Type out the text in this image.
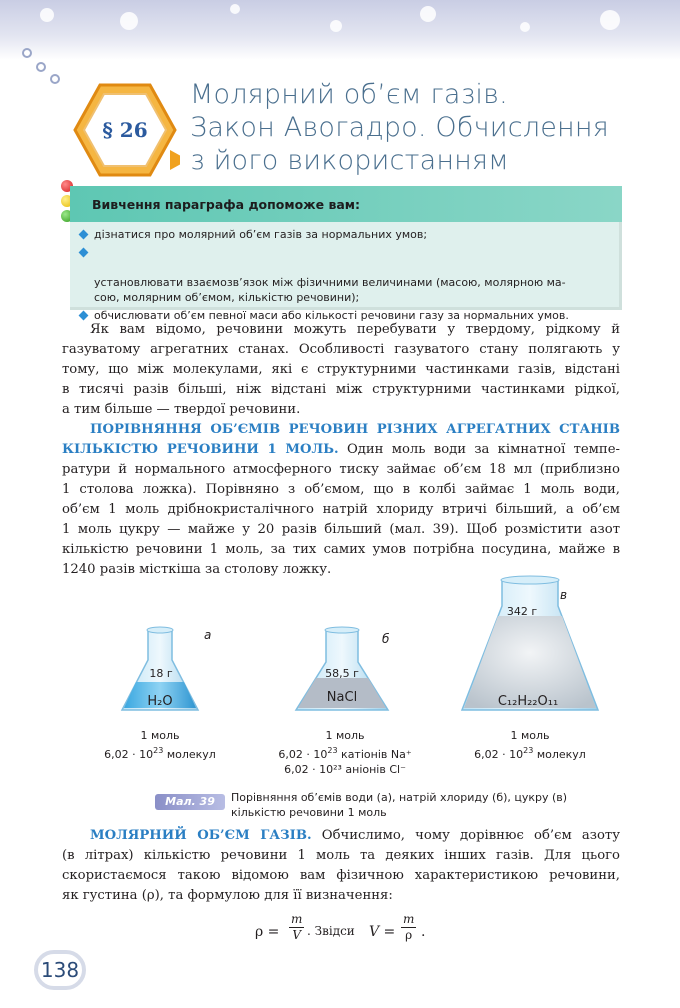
§ 26
Молярний об’єм газів.
Закон Авогадро. Обчислення
з його використанням
Вивчення параграфа допоможе вам:
дізнатися про молярний об’єм газів за нормальних умов;

установлювати взаємозв’язок між фізичними величинами (масою, молярною ма-
сою, молярним об’ємом, кількістю речовини);

обчислювати об’єм певної маси або кількості речовини газу за нормальних умов.
Як вам відомо, речовини можуть перебувати у твердому, рідкому й
газуватому агрегатних станах. Особливості газуватого стану полягають у
тому, що між молекулами, які є структурними частинками газів, відстані
в тисячі разів більші, ніж відстані між структурними частинками рідкої,
а тим більше — твердої речовини.
ПОРІВНЯННЯ ОБ’ЄМІВ РЕЧОВИН РІЗНИХ АГРЕГАТНИХ СТАНІВ
КІЛЬКІСТЮ РЕЧОВИНИ 1 МОЛЬ. Один моль води за кімнатної темпе-
ратури й нормального атмосферного тиску займає об’єм 18 мл (приблизно
1 столова ложка). Порівняно з об’ємом, що в колбі займає 1 моль води,
об’єм 1 моль дрібнокристалічного натрій хлориду втричі більший, а об’єм
1 моль цукру — майже у 20 разів більший (мал. 39). Щоб розмістити азот
кількістю речовини 1 моль, за тих самих умов потрібна посудина, майже в
1240 разів місткіша за столову ложку.
18 г
H₂O
58,5 г
NaCl
342 г
C₁₂H₂₂O₁₁
а	б
в
1 моль
$6,02 \cdot 10^{23}$ молекул
1 моль
$6,02 \cdot 10^{23}$ катіонів Na⁺
6,02 · 10²³ аніонів Cl⁻
1 моль
$6,02 \cdot 10^{23}$ молекул
Мал. 39	Порівняння об’ємів води (а), натрій хлориду (б), цукру (в) кількістю речовини 1 моль
МОЛЯРНИЙ ОБ’ЄМ ГАЗІВ. Обчислимо, чому дорівнює об’єм азоту
(в літрах) кількістю речовини 1 моль та деяких інших газів. Для цього
скористаємося такою відомою вам фізичною характеристикою речовини,
як густина (ρ), та формулою для її визначення:
$\rho = \frac{m}{V}$ . Звідси $V = \frac{m}{\rho}$ .
138
